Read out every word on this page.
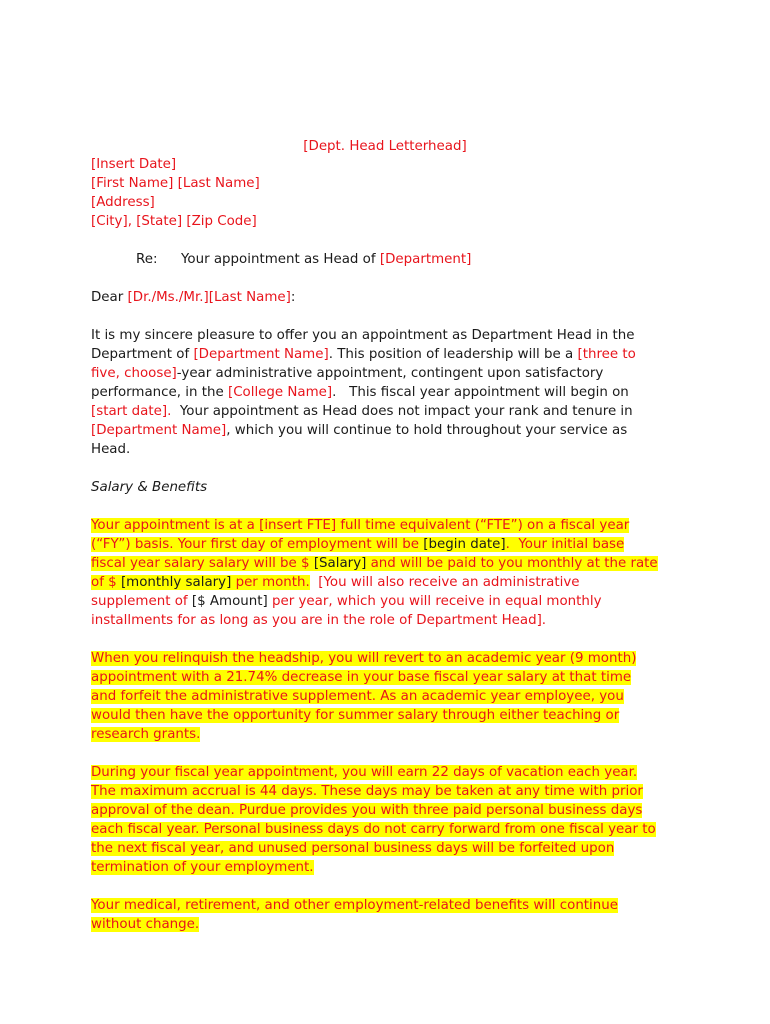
[Dept. Head Letterhead]
[Insert Date]
[First Name] [Last Name]
[Address]
[City], [State] [Zip Code]
Re: Your appointment as Head of [Department]
Dear [Dr./Ms./Mr.][Last Name]:
It is my sincere pleasure to offer you an appointment as Department Head in the
Department of [Department Name]. This position of leadership will be a [three to
five, choose]-year administrative appointment, contingent upon satisfactory
performance, in the [College Name].   This fiscal year appointment will begin on
[start date].  Your appointment as Head does not impact your rank and tenure in
[Department Name], which you will continue to hold throughout your service as
Head.
Salary & Benefits
Your appointment is at a [insert FTE] full time equivalent (“FTE”) on a fiscal year
(“FY”) basis. Your first day of employment will be [begin date].  Your initial base
fiscal year salary salary will be $ [Salary] and will be paid to you monthly at the rate
of $ [monthly salary] per month.  [You will also receive an administrative
supplement of [$ Amount] per year, which you will receive in equal monthly
installments for as long as you are in the role of Department Head].
When you relinquish the headship, you will revert to an academic year (9 month)
appointment with a 21.74% decrease in your base fiscal year salary at that time
and forfeit the administrative supplement. As an academic year employee, you
would then have the opportunity for summer salary through either teaching or
research grants.
During your fiscal year appointment, you will earn 22 days of vacation each year.
The maximum accrual is 44 days. These days may be taken at any time with prior
approval of the dean. Purdue provides you with three paid personal business days
each fiscal year. Personal business days do not carry forward from one fiscal year to
the next fiscal year, and unused personal business days will be forfeited upon
termination of your employment.
Your medical, retirement, and other employment-related benefits will continue
without change.
